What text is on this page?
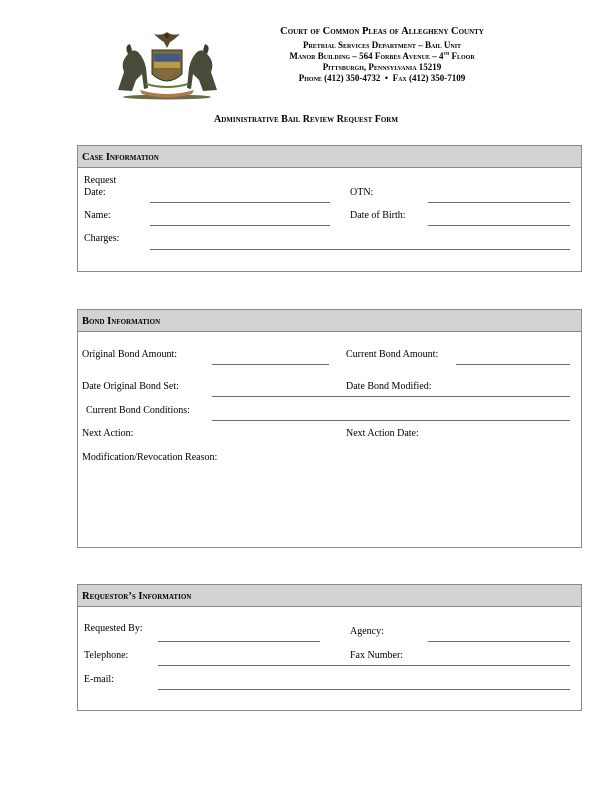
Court of Common Pleas of Allegheny County
Pretrial Services Department – Bail Unit
Manor Building – 564 Forbes Avenue – 4th Floor
Pittsburgh, Pennsylvania 15219
Phone (412) 350-4732 • Fax (412) 350-7109
Administrative Bail Review Request Form
Case Information
Request
Date:	OTN:
Name:	Date of Birth:
Charges:
Bond Information
Original Bond Amount:	Current Bond Amount:
Date Original Bond Set:	Date Bond Modified:
Current Bond Conditions:
Next Action:	Next Action Date:
Modification/Revocation Reason:
Requestor’s Information
Requested By:	Agency:
Telephone:	Fax Number:
E-mail:
